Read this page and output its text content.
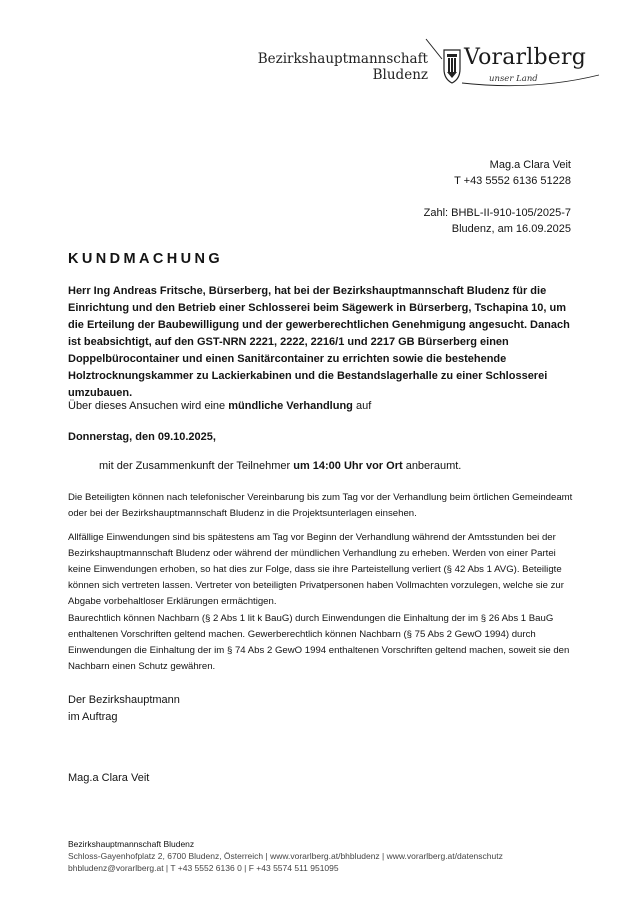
Bezirkshauptmannschaft
Bludenz
Vorarlberg
unser Land
Mag.a Clara Veit
T +43 5552 6136 51228
Zahl: BHBL-II-910-105/2025-7
Bludenz, am 16.09.2025
KUNDMACHUNG

Herr Ing Andreas Fritsche, Bürserberg, hat bei der Bezirkshauptmannschaft Bludenz für die Einrichtung und den Betrieb einer Schlosserei beim Sägewerk in Bürserberg, Tschapina 10, um die Erteilung der Baubewilligung und der gewerberechtlichen Genehmigung angesucht. Danach ist beabsichtigt, auf den GST-NRN 2221, 2222, 2216/1 und 2217 GB Bürserberg einen Doppelbürocontainer und einen Sanitärcontainer zu errichten sowie die bestehende Holztrocknungskammer zu Lackierkabinen und die Bestandslagerhalle zu einer Schlosserei umzubauen.

Über dieses Ansuchen wird eine mündliche Verhandlung auf

Donnerstag, den 09.10.2025,

mit der Zusammenkunft der Teilnehmer um 14:00 Uhr vor Ort anberaumt.

Die Beteiligten können nach telefonischer Vereinbarung bis zum Tag vor der Verhandlung beim örtlichen Gemeindeamt oder bei der Bezirkshauptmannschaft Bludenz in die Projektsunterlagen einsehen.

Allfällige Einwendungen sind bis spätestens am Tag vor Beginn der Verhandlung während der Amtsstunden bei der Bezirkshauptmannschaft Bludenz oder während der mündlichen Verhandlung zu erheben. Werden von einer Partei keine Einwendungen erhoben, so hat dies zur Folge, dass sie ihre Parteistellung verliert (§ 42 Abs 1 AVG). Beteiligte können sich vertreten lassen. Vertreter von beteiligten Privatpersonen haben Vollmachten vorzulegen, welche sie zur Abgabe vorbehaltloser Erklärungen ermächtigen.

Baurechtlich können Nachbarn (§ 2 Abs 1 lit k BauG) durch Einwendungen die Einhaltung der im § 26 Abs 1 BauG enthaltenen Vorschriften geltend machen. Gewerberechtlich können Nachbarn (§ 75 Abs 2 GewO 1994) durch Einwendungen die Einhaltung der im § 74 Abs 2 GewO 1994 enthaltenen Vorschriften geltend machen, soweit sie den Nachbarn einen Schutz gewähren.

Der Bezirkshauptmann
im Auftrag
Mag.a Clara Veit
Bezirkshauptmannschaft Bludenz
Schloss-Gayenhofplatz 2, 6700 Bludenz, Österreich | www.vorarlberg.at/bhbludenz | www.vorarlberg.at/datenschutz
bhbludenz@vorarlberg.at | T +43 5552 6136 0 | F +43 5574 511 951095
